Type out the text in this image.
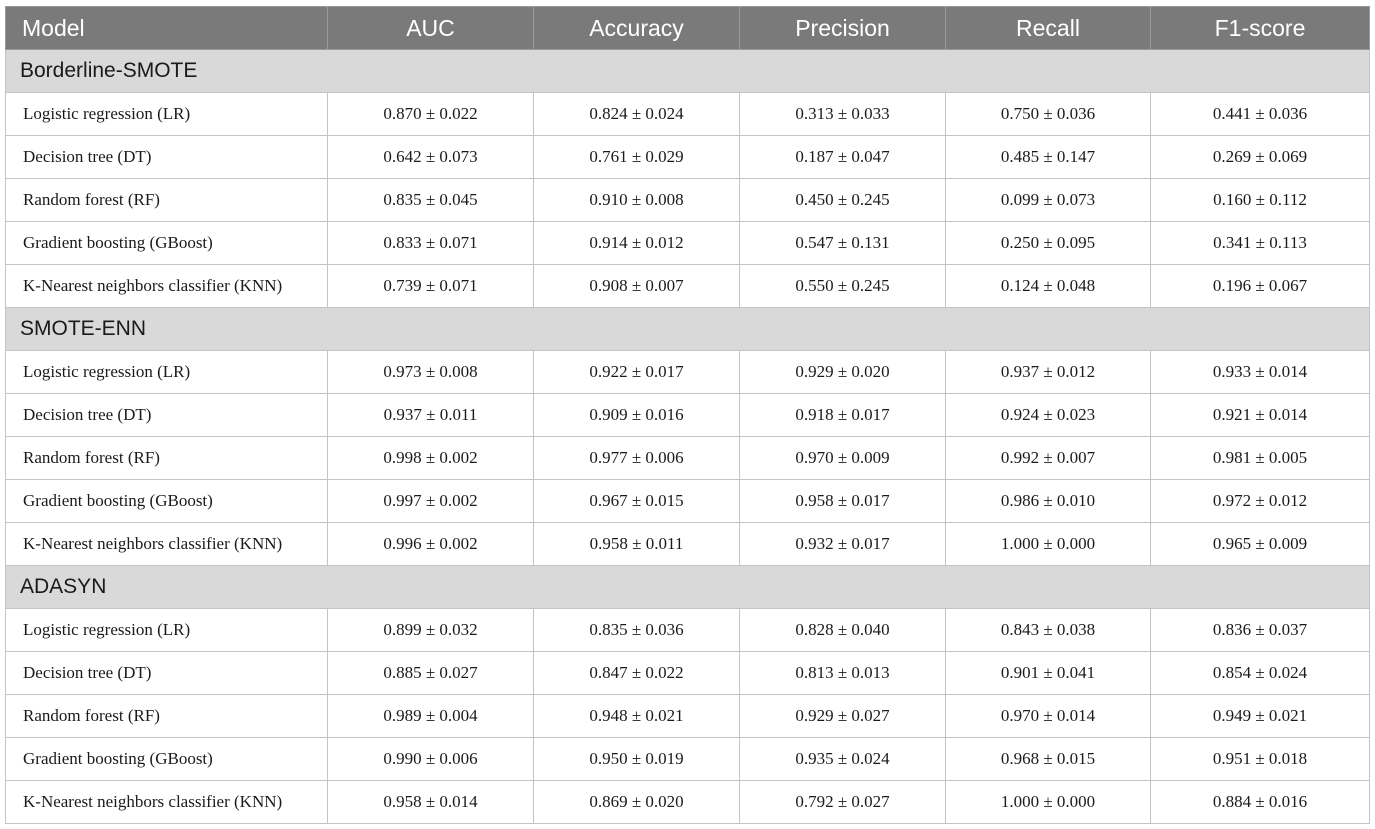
Model	AUC	Accuracy	Precision	Recall	F1-score
Borderline-SMOTE					
Logistic regression (LR)	0.870 ± 0.022	0.824 ± 0.024	0.313 ± 0.033	0.750 ± 0.036	0.441 ± 0.036
Decision tree (DT)	0.642 ± 0.073	0.761 ± 0.029	0.187 ± 0.047	0.485 ± 0.147	0.269 ± 0.069
Random forest (RF)	0.835 ± 0.045	0.910 ± 0.008	0.450 ± 0.245	0.099 ± 0.073	0.160 ± 0.112
Gradient boosting (GBoost)	0.833 ± 0.071	0.914 ± 0.012	0.547 ± 0.131	0.250 ± 0.095	0.341 ± 0.113
K-Nearest neighbors classifier (KNN)	0.739 ± 0.071	0.908 ± 0.007	0.550 ± 0.245	0.124 ± 0.048	0.196 ± 0.067
SMOTE-ENN					
Logistic regression (LR)	0.973 ± 0.008	0.922 ± 0.017	0.929 ± 0.020	0.937 ± 0.012	0.933 ± 0.014
Decision tree (DT)	0.937 ± 0.011	0.909 ± 0.016	0.918 ± 0.017	0.924 ± 0.023	0.921 ± 0.014
Random forest (RF)	0.998 ± 0.002	0.977 ± 0.006	0.970 ± 0.009	0.992 ± 0.007	0.981 ± 0.005
Gradient boosting (GBoost)	0.997 ± 0.002	0.967 ± 0.015	0.958 ± 0.017	0.986 ± 0.010	0.972 ± 0.012
K-Nearest neighbors classifier (KNN)	0.996 ± 0.002	0.958 ± 0.011	0.932 ± 0.017	1.000 ± 0.000	0.965 ± 0.009
ADASYN					
Logistic regression (LR)	0.899 ± 0.032	0.835 ± 0.036	0.828 ± 0.040	0.843 ± 0.038	0.836 ± 0.037
Decision tree (DT)	0.885 ± 0.027	0.847 ± 0.022	0.813 ± 0.013	0.901 ± 0.041	0.854 ± 0.024
Random forest (RF)	0.989 ± 0.004	0.948 ± 0.021	0.929 ± 0.027	0.970 ± 0.014	0.949 ± 0.021
Gradient boosting (GBoost)	0.990 ± 0.006	0.950 ± 0.019	0.935 ± 0.024	0.968 ± 0.015	0.951 ± 0.018
K-Nearest neighbors classifier (KNN)	0.958 ± 0.014	0.869 ± 0.020	0.792 ± 0.027	1.000 ± 0.000	0.884 ± 0.016
